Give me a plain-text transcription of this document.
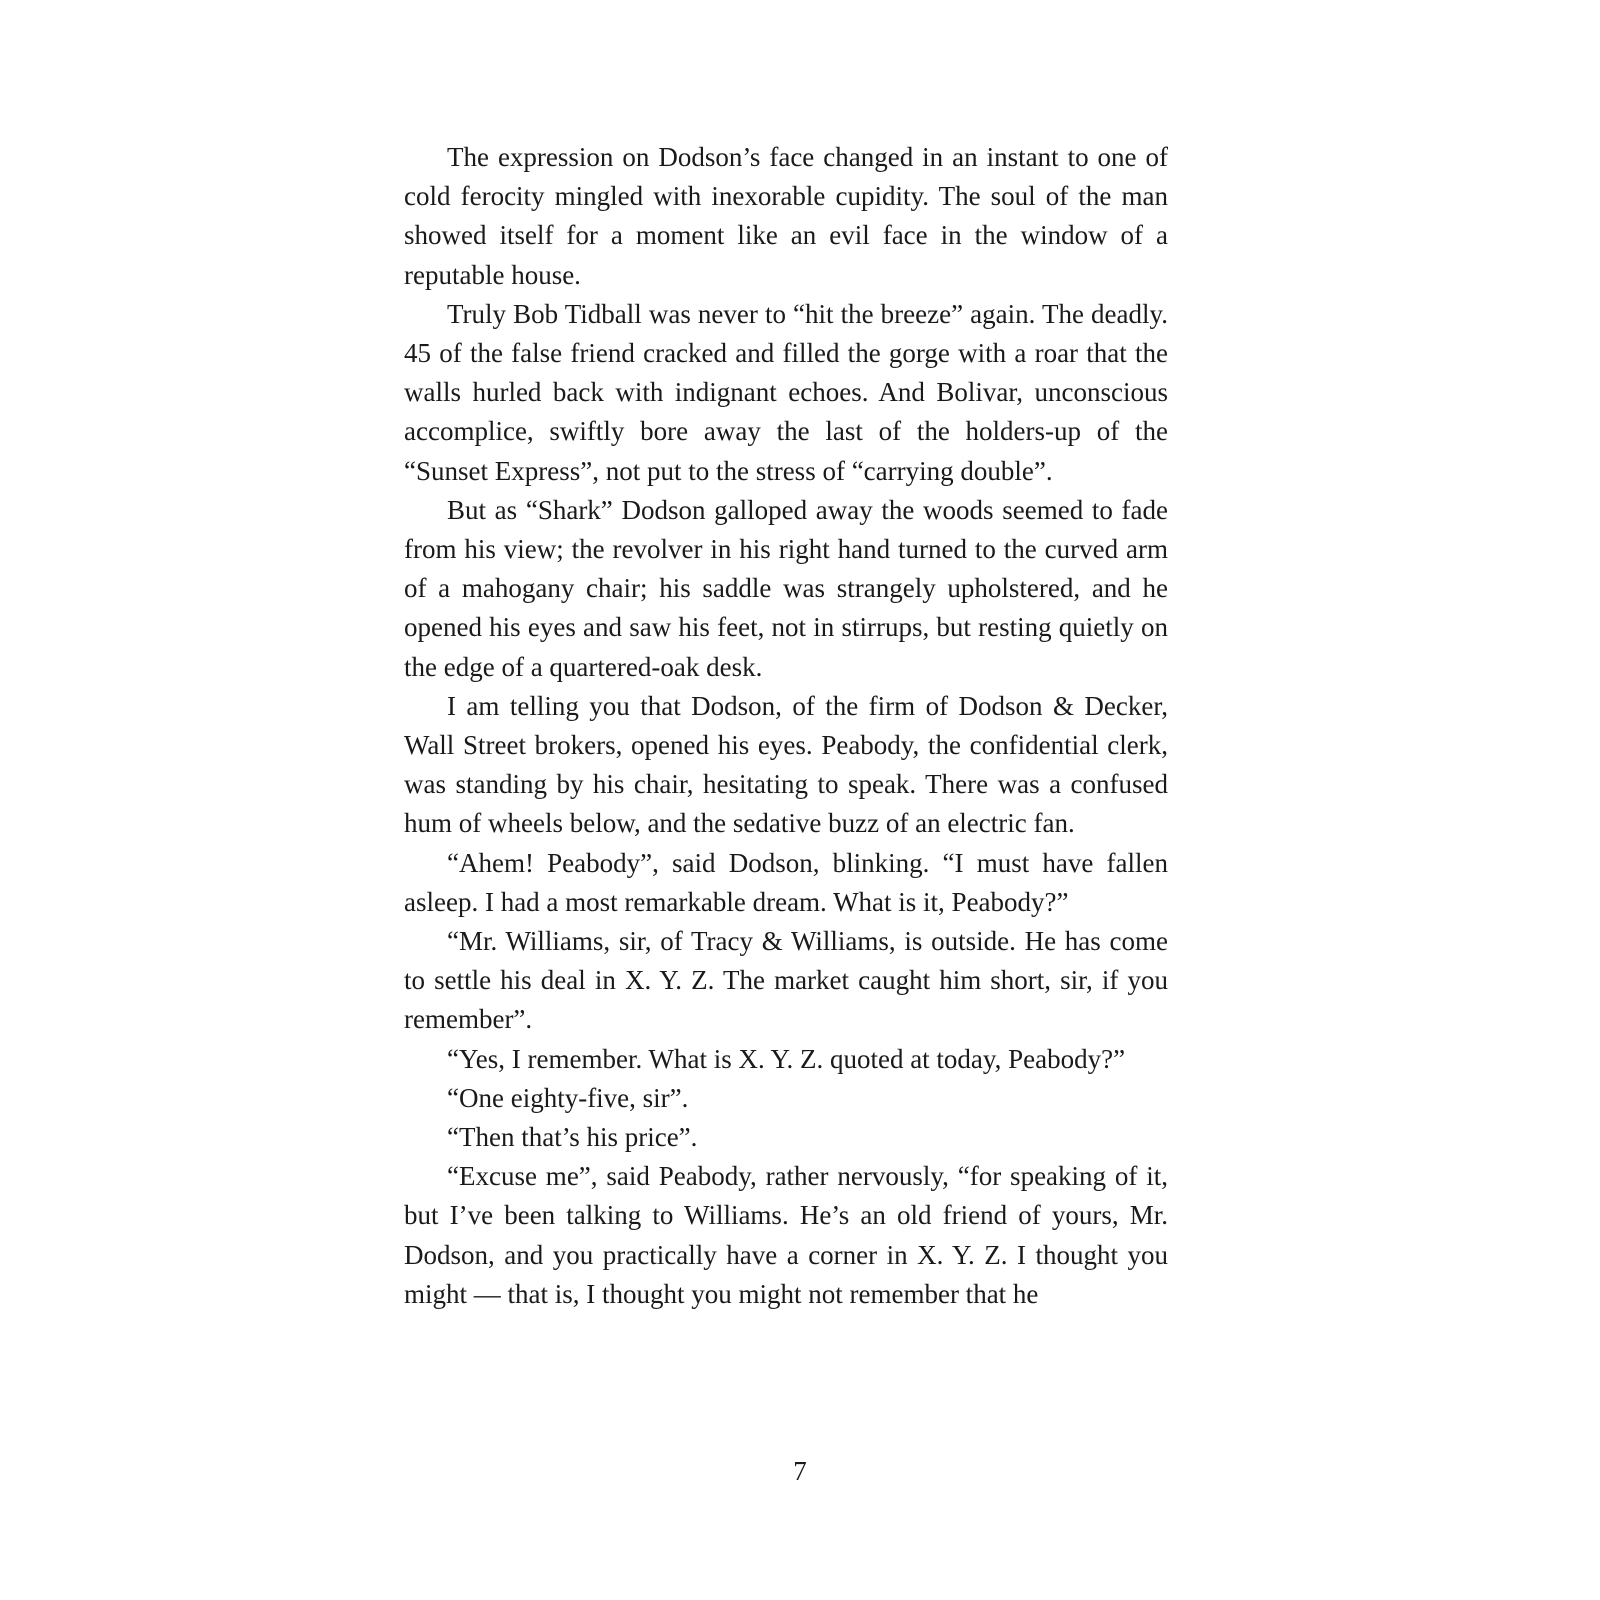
The expression on Dodson’s face changed in an instant to one of cold ferocity mingled with inexorable cupidity. The soul of the man showed itself for a moment like an evil face in the window of a reputable house.

Truly Bob Tidball was never to “hit the breeze” again. The deadly. 45 of the false friend cracked and filled the gorge with a roar that the walls hurled back with indignant echoes. And Bolivar, unconscious accomplice, swiftly bore away the last of the holders-up of the “Sunset Express”, not put to the stress of “carrying double”.

But as “Shark” Dodson galloped away the woods seemed to fade from his view; the revolver in his right hand turned to the curved arm of a mahogany chair; his saddle was strangely upholstered, and he opened his eyes and saw his feet, not in stirrups, but resting quietly on the edge of a quartered-oak desk.

I am telling you that Dodson, of the firm of Dodson & Decker, Wall Street brokers, opened his eyes. Peabody, the confidential clerk, was standing by his chair, hesitating to speak. There was a confused hum of wheels below, and the sedative buzz of an electric fan.

“Ahem! Peabody”, said Dodson, blinking. “I must have fallen asleep. I had a most remarkable dream. What is it, Peabody?”

“Mr. Williams, sir, of Tracy & Williams, is outside. He has come to settle his deal in X. Y. Z. The market caught him short, sir, if you remember”.

“Yes, I remember. What is X. Y. Z. quoted at today, Peabody?”

“One eighty-five, sir”.

“Then that’s his price”.

“Excuse me”, said Peabody, rather nervously, “for speaking of it, but I’ve been talking to Williams. He’s an old friend of yours, Mr. Dodson, and you practically have a corner in X. Y. Z. I thought you might — that is, I thought you might not remember that he

7
